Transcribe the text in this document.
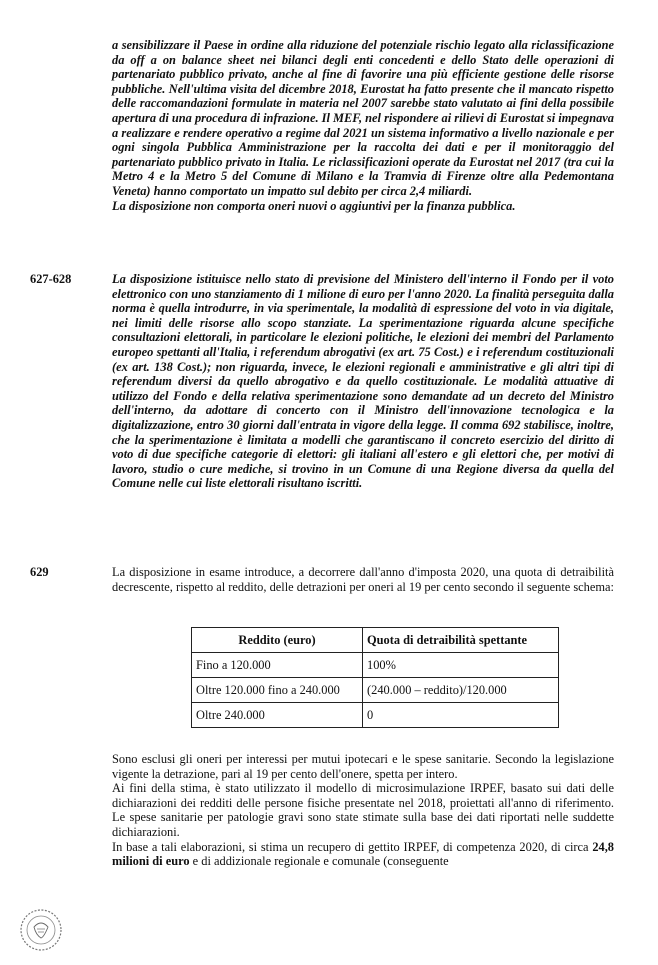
a sensibilizzare il Paese in ordine alla riduzione del potenziale rischio legato alla riclassificazione da off a on balance sheet nei bilanci degli enti concedenti e dello Stato delle operazioni di partenariato pubblico privato, anche al fine di favorire una più efficiente gestione delle risorse pubbliche. Nell'ultima visita del dicembre 2018, Eurostat ha fatto presente che il mancato rispetto delle raccomandazioni formulate in materia nel 2007 sarebbe stato valutato ai fini della possibile apertura di una procedura di infrazione. Il MEF, nel rispondere ai rilievi di Eurostat si impegnava a realizzare e rendere operativo a regime dal 2021 un sistema informativo a livello nazionale e per ogni singola Pubblica Amministrazione per la raccolta dei dati e per il monitoraggio del partenariato pubblico privato in Italia. Le riclassificazioni operate da Eurostat nel 2017 (tra cui la Metro 4 e la Metro 5 del Comune di Milano e la Tramvia di Firenze oltre alla Pedemontana Veneta) hanno comportato un impatto sul debito per circa 2,4 miliardi.

La disposizione non comporta oneri nuovi o aggiuntivi per la finanza pubblica.

627-628	La disposizione istituisce nello stato di previsione del Ministero dell'interno il Fondo per il voto elettronico con uno stanziamento di 1 milione di euro per l'anno 2020. La finalità perseguita dalla norma è quella introdurre, in via sperimentale, la modalità di espressione del voto in via digitale, nei limiti delle risorse allo scopo stanziate. La sperimentazione riguarda alcune specifiche consultazioni elettorali, in particolare le elezioni politiche, le elezioni dei membri del Parlamento europeo spettanti all'Italia, i referendum abrogativi (ex art. 75 Cost.) e i referendum costituzionali (ex art. 138 Cost.); non riguarda, invece, le elezioni regionali e amministrative e gli altri tipi di referendum diversi da quello abrogativo e da quello costituzionale. Le modalità attuative di utilizzo del Fondo e della relativa sperimentazione sono demandate ad un decreto del Ministro dell'interno, da adottare di concerto con il Ministro dell'innovazione tecnologica e la digitalizzazione, entro 30 giorni dall'entrata in vigore della legge. Il comma 692 stabilisce, inoltre, che la sperimentazione è limitata a modelli che garantiscano il concreto esercizio del diritto di voto di due specifiche categorie di elettori: gli italiani all'estero e gli elettori che, per motivi di lavoro, studio o cure mediche, si trovino in un Comune di una Regione diversa da quella del Comune nelle cui liste elettorali risultano iscritti.

629	La disposizione in esame introduce, a decorrere dall'anno d'imposta 2020, una quota di detraibilità decrescente, rispetto al reddito, delle detrazioni per oneri al 19 per cento secondo il seguente schema:

Reddito (euro)	Quota di detraibilità spettante
Fino a 120.000	100%
Oltre 120.000 fino a 240.000	(240.000 – reddito)/120.000
Oltre 240.000	0

Sono esclusi gli oneri per interessi per mutui ipotecari e le spese sanitarie. Secondo la legislazione vigente la detrazione, pari al 19 per cento dell'onere, spetta per intero.

Ai fini della stima, è stato utilizzato il modello di microsimulazione IRPEF, basato sui dati delle dichiarazioni dei redditi delle persone fisiche presentate nel 2018, proiettati all'anno di riferimento. Le spese sanitarie per patologie gravi sono state stimate sulla base dei dati riportati nelle suddette dichiarazioni.

In base a tali elaborazioni, si stima un recupero di gettito IRPEF, di competenza 2020, di circa 24,8 milioni di euro e di addizionale regionale e comunale (conseguente
